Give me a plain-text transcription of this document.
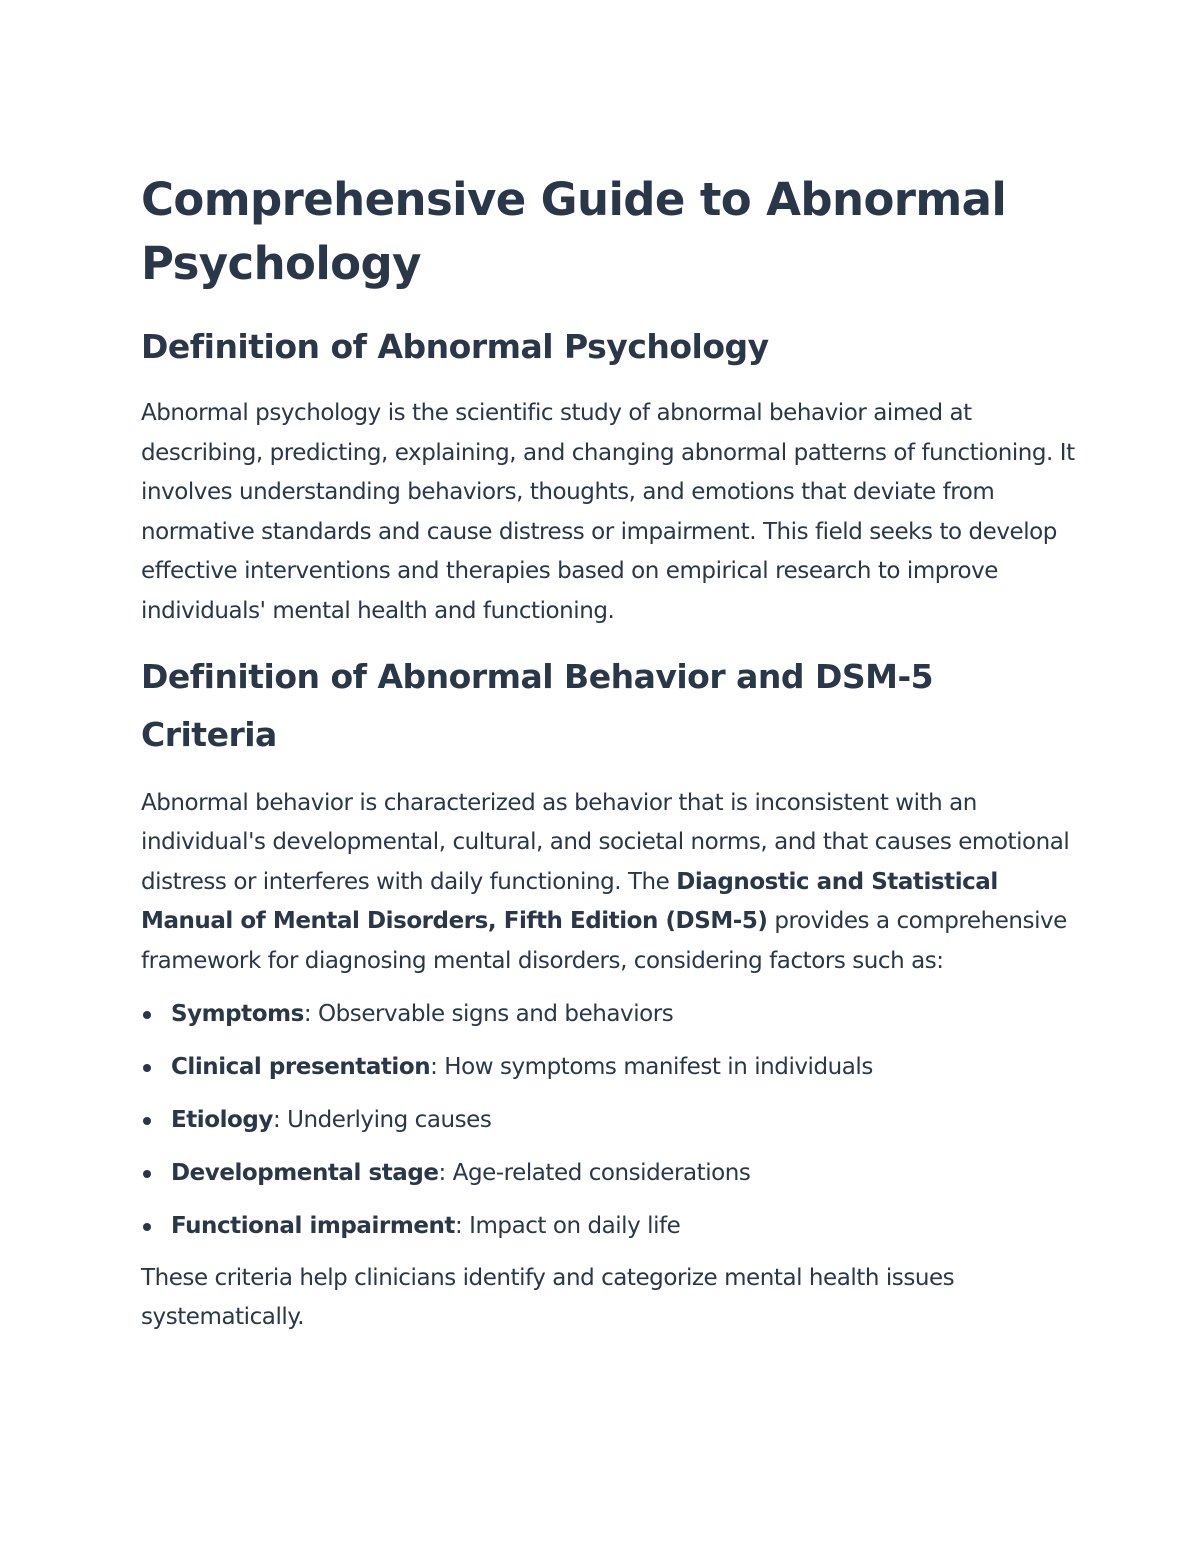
Comprehensive Guide to Abnormal Psychology
Definition of Abnormal Psychology

Abnormal psychology is the scientific study of abnormal behavior aimed at describing, predicting, explaining, and changing abnormal patterns of functioning. It involves understanding behaviors, thoughts, and emotions that deviate from normative standards and cause distress or impairment. This field seeks to develop effective interventions and therapies based on empirical research to improve individuals' mental health and functioning.

Definition of Abnormal Behavior and DSM-5 Criteria

Abnormal behavior is characterized as behavior that is inconsistent with an individual's developmental, cultural, and societal norms, and that causes emotional distress or interferes with daily functioning. The Diagnostic and Statistical Manual of Mental Disorders, Fifth Edition (DSM-5) provides a comprehensive framework for diagnosing mental disorders, considering factors such as:

Symptoms: Observable signs and behaviors
Clinical presentation: How symptoms manifest in individuals
Etiology: Underlying causes
Developmental stage: Age-related considerations
Functional impairment: Impact on daily life

These criteria help clinicians identify and categorize mental health issues systematically.
